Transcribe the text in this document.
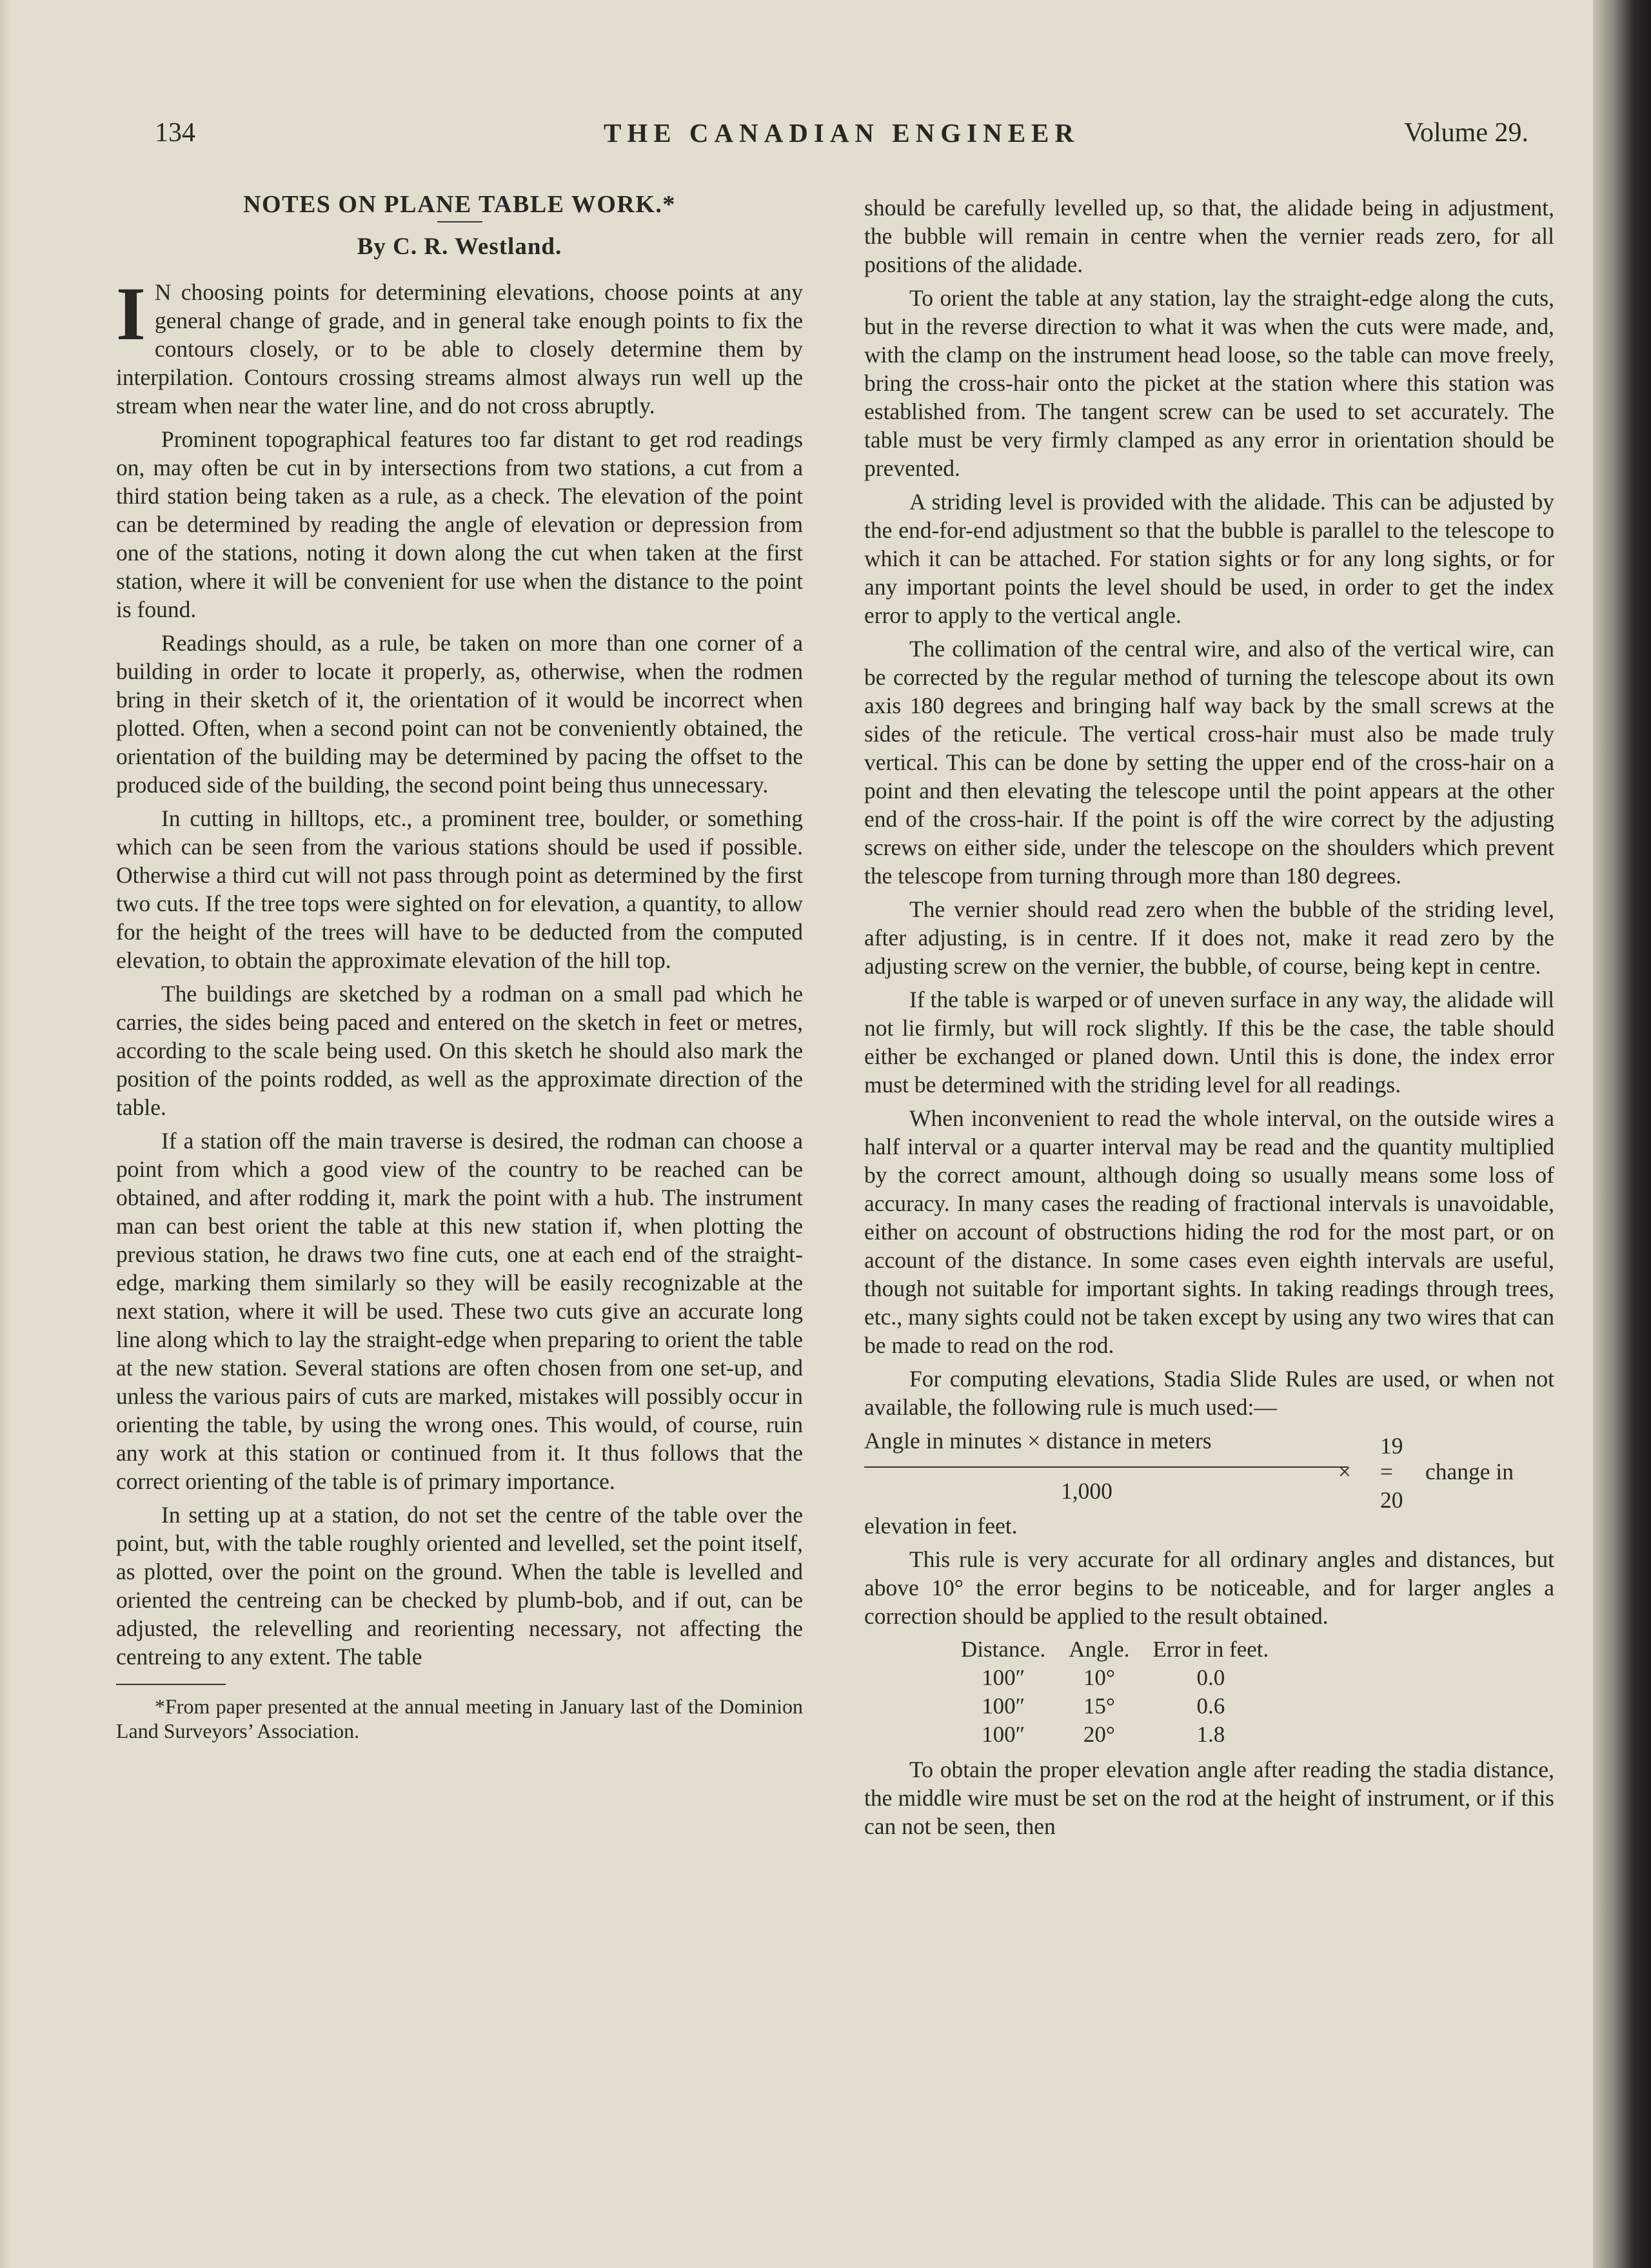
134	THE CANADIAN ENGINEER	Volume 29.
NOTES ON PLANE TABLE WORK.*
By C. R. Westland.

I N choosing points for determining elevations, choose points at any general change of grade, and in general take enough points to fix the contours closely, or to be able to closely determine them by interpilation. Contours crossing streams almost always run well up the stream when near the water line, and do not cross abruptly.

Prominent topographical features too far distant to get rod readings on, may often be cut in by intersections from two stations, a cut from a third station being taken as a rule, as a check. The elevation of the point can be determined by reading the angle of elevation or depression from one of the stations, noting it down along the cut when taken at the first station, where it will be convenient for use when the distance to the point is found.

Readings should, as a rule, be taken on more than one corner of a building in order to locate it properly, as, otherwise, when the rodmen bring in their sketch of it, the orientation of it would be incorrect when plotted. Often, when a second point can not be conveniently obtained, the orientation of the building may be determined by pacing the offset to the produced side of the building, the second point being thus unnecessary.

In cutting in hilltops, etc., a prominent tree, boulder, or something which can be seen from the various stations should be used if possible. Otherwise a third cut will not pass through point as determined by the first two cuts. If the tree tops were sighted on for elevation, a quantity, to allow for the height of the trees will have to be deducted from the computed elevation, to obtain the approximate elevation of the hill top.

The buildings are sketched by a rodman on a small pad which he carries, the sides being paced and entered on the sketch in feet or metres, according to the scale being used. On this sketch he should also mark the position of the points rodded, as well as the approximate direction of the table.

If a station off the main traverse is desired, the rodman can choose a point from which a good view of the country to be reached can be obtained, and after rodding it, mark the point with a hub. The instrument man can best orient the table at this new station if, when plotting the previous station, he draws two fine cuts, one at each end of the straight-edge, marking them similarly so they will be easily recognizable at the next station, where it will be used. These two cuts give an accurate long line along which to lay the straight-edge when preparing to orient the table at the new station. Several stations are often chosen from one set-up, and unless the various pairs of cuts are marked, mistakes will possibly occur in orienting the table, by using the wrong ones. This would, of course, ruin any work at this station or continued from it. It thus follows that the correct orienting of the table is of primary importance.

In setting up at a station, do not set the centre of the table over the point, but, with the table roughly oriented and levelled, set the point itself, as plotted, over the point on the ground. When the table is levelled and oriented the centreing can be checked by plumb-bob, and if out, can be adjusted, the relevelling and reorienting necessary, not affecting the centreing to any extent. The table

*From paper presented at the annual meeting in January last of the Dominion Land Surveyors’ Association.

should be carefully levelled up, so that, the alidade being in adjustment, the bubble will remain in centre when the vernier reads zero, for all positions of the alidade.

To orient the table at any station, lay the straight-edge along the cuts, but in the reverse direction to what it was when the cuts were made, and, with the clamp on the instrument head loose, so the table can move freely, bring the cross-hair onto the picket at the station where this station was established from. The tangent screw can be used to set accurately. The table must be very firmly clamped as any error in orientation should be prevented.

A striding level is provided with the alidade. This can be adjusted by the end-for-end adjustment so that the bubble is parallel to the telescope to which it can be attached. For station sights or for any long sights, or for any important points the level should be used, in order to get the index error to apply to the vertical angle.

The collimation of the central wire, and also of the vertical wire, can be corrected by the regular method of turning the telescope about its own axis 180 degrees and bringing half way back by the small screws at the sides of the reticule. The vertical cross-hair must also be made truly vertical. This can be done by setting the upper end of the cross-hair on a point and then elevating the telescope until the point appears at the other end of the cross-hair. If the point is off the wire correct by the adjusting screws on either side, under the telescope on the shoulders which prevent the telescope from turning through more than 180 degrees.

The vernier should read zero when the bubble of the striding level, after adjusting, is in centre. If it does not, make it read zero by the adjusting screw on the vernier, the bubble, of course, being kept in centre.

If the table is warped or of uneven surface in any way, the alidade will not lie firmly, but will rock slightly. If this be the case, the table should either be exchanged or planed down. Until this is done, the index error must be determined with the striding level for all readings.

When inconvenient to read the whole interval, on the outside wires a half interval or a quarter interval may be read and the quantity multiplied by the correct amount, although doing so usually means some loss of accuracy. In many cases the reading of fractional intervals is unavoidable, either on account of obstructions hiding the rod for the most part, or on account of the distance. In some cases even eighth intervals are useful, though not suitable for important sights. In taking readings through trees, etc., many sights could not be taken except by using any two wires that can be made to read on the rod.

For computing elevations, Stadia Slide Rules are used, or when not available, the following rule is much used:—

Angle in minutes × distance in meters
1,000
×
19
=
20
change in
elevation in feet.

This rule is very accurate for all ordinary angles and distances, but above 10° the error begins to be noticeable, and for larger angles a correction should be applied to the result obtained.

Distance.	Angle.	Error in feet.
100″	10°	0.0
100″	15°	0.6
100″	20°	1.8

To obtain the proper elevation angle after reading the stadia distance, the middle wire must be set on the rod at the height of instrument, or if this can not be seen, then
